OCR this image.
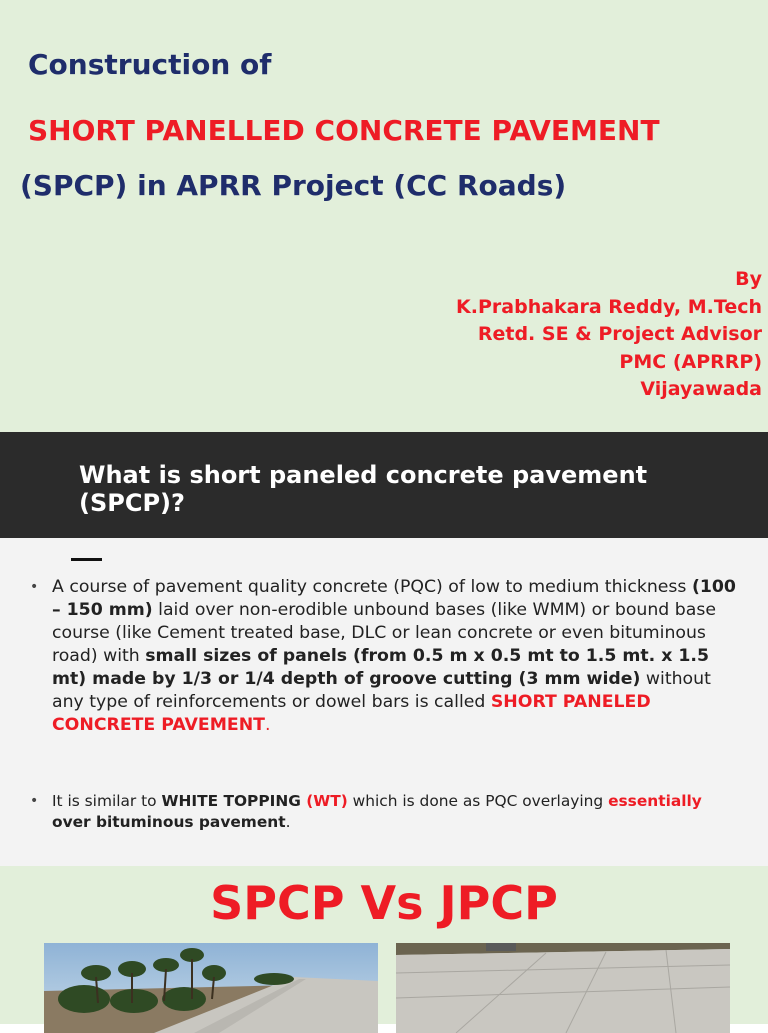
Construction of
SHORT PANELLED CONCRETE PAVEMENT
(SPCP) in APRR Project (CC Roads)
By
K.Prabhakara Reddy, M.Tech
Retd. SE & Project Advisor
PMC (APRRP)
Vijayawada
What is short paneled concrete pavement (SPCP)?
• A course of pavement quality concrete (PQC) of low to medium thickness (100 – 150 mm) laid over non-erodible unbound bases (like WMM) or bound base course (like Cement treated base, DLC or lean concrete or even bituminous road) with small sizes of panels (from 0.5 m x 0.5 mt to 1.5 mt. x 1.5 mt) made by 1/3 or 1/4 depth of groove cutting (3 mm wide) without any type of reinforcements or dowel bars is called SHORT PANELED CONCRETE PAVEMENT.
• It is similar to WHITE TOPPING (WT) which is done as PQC overlaying essentially over bituminous pavement.
SPCP Vs JPCP
